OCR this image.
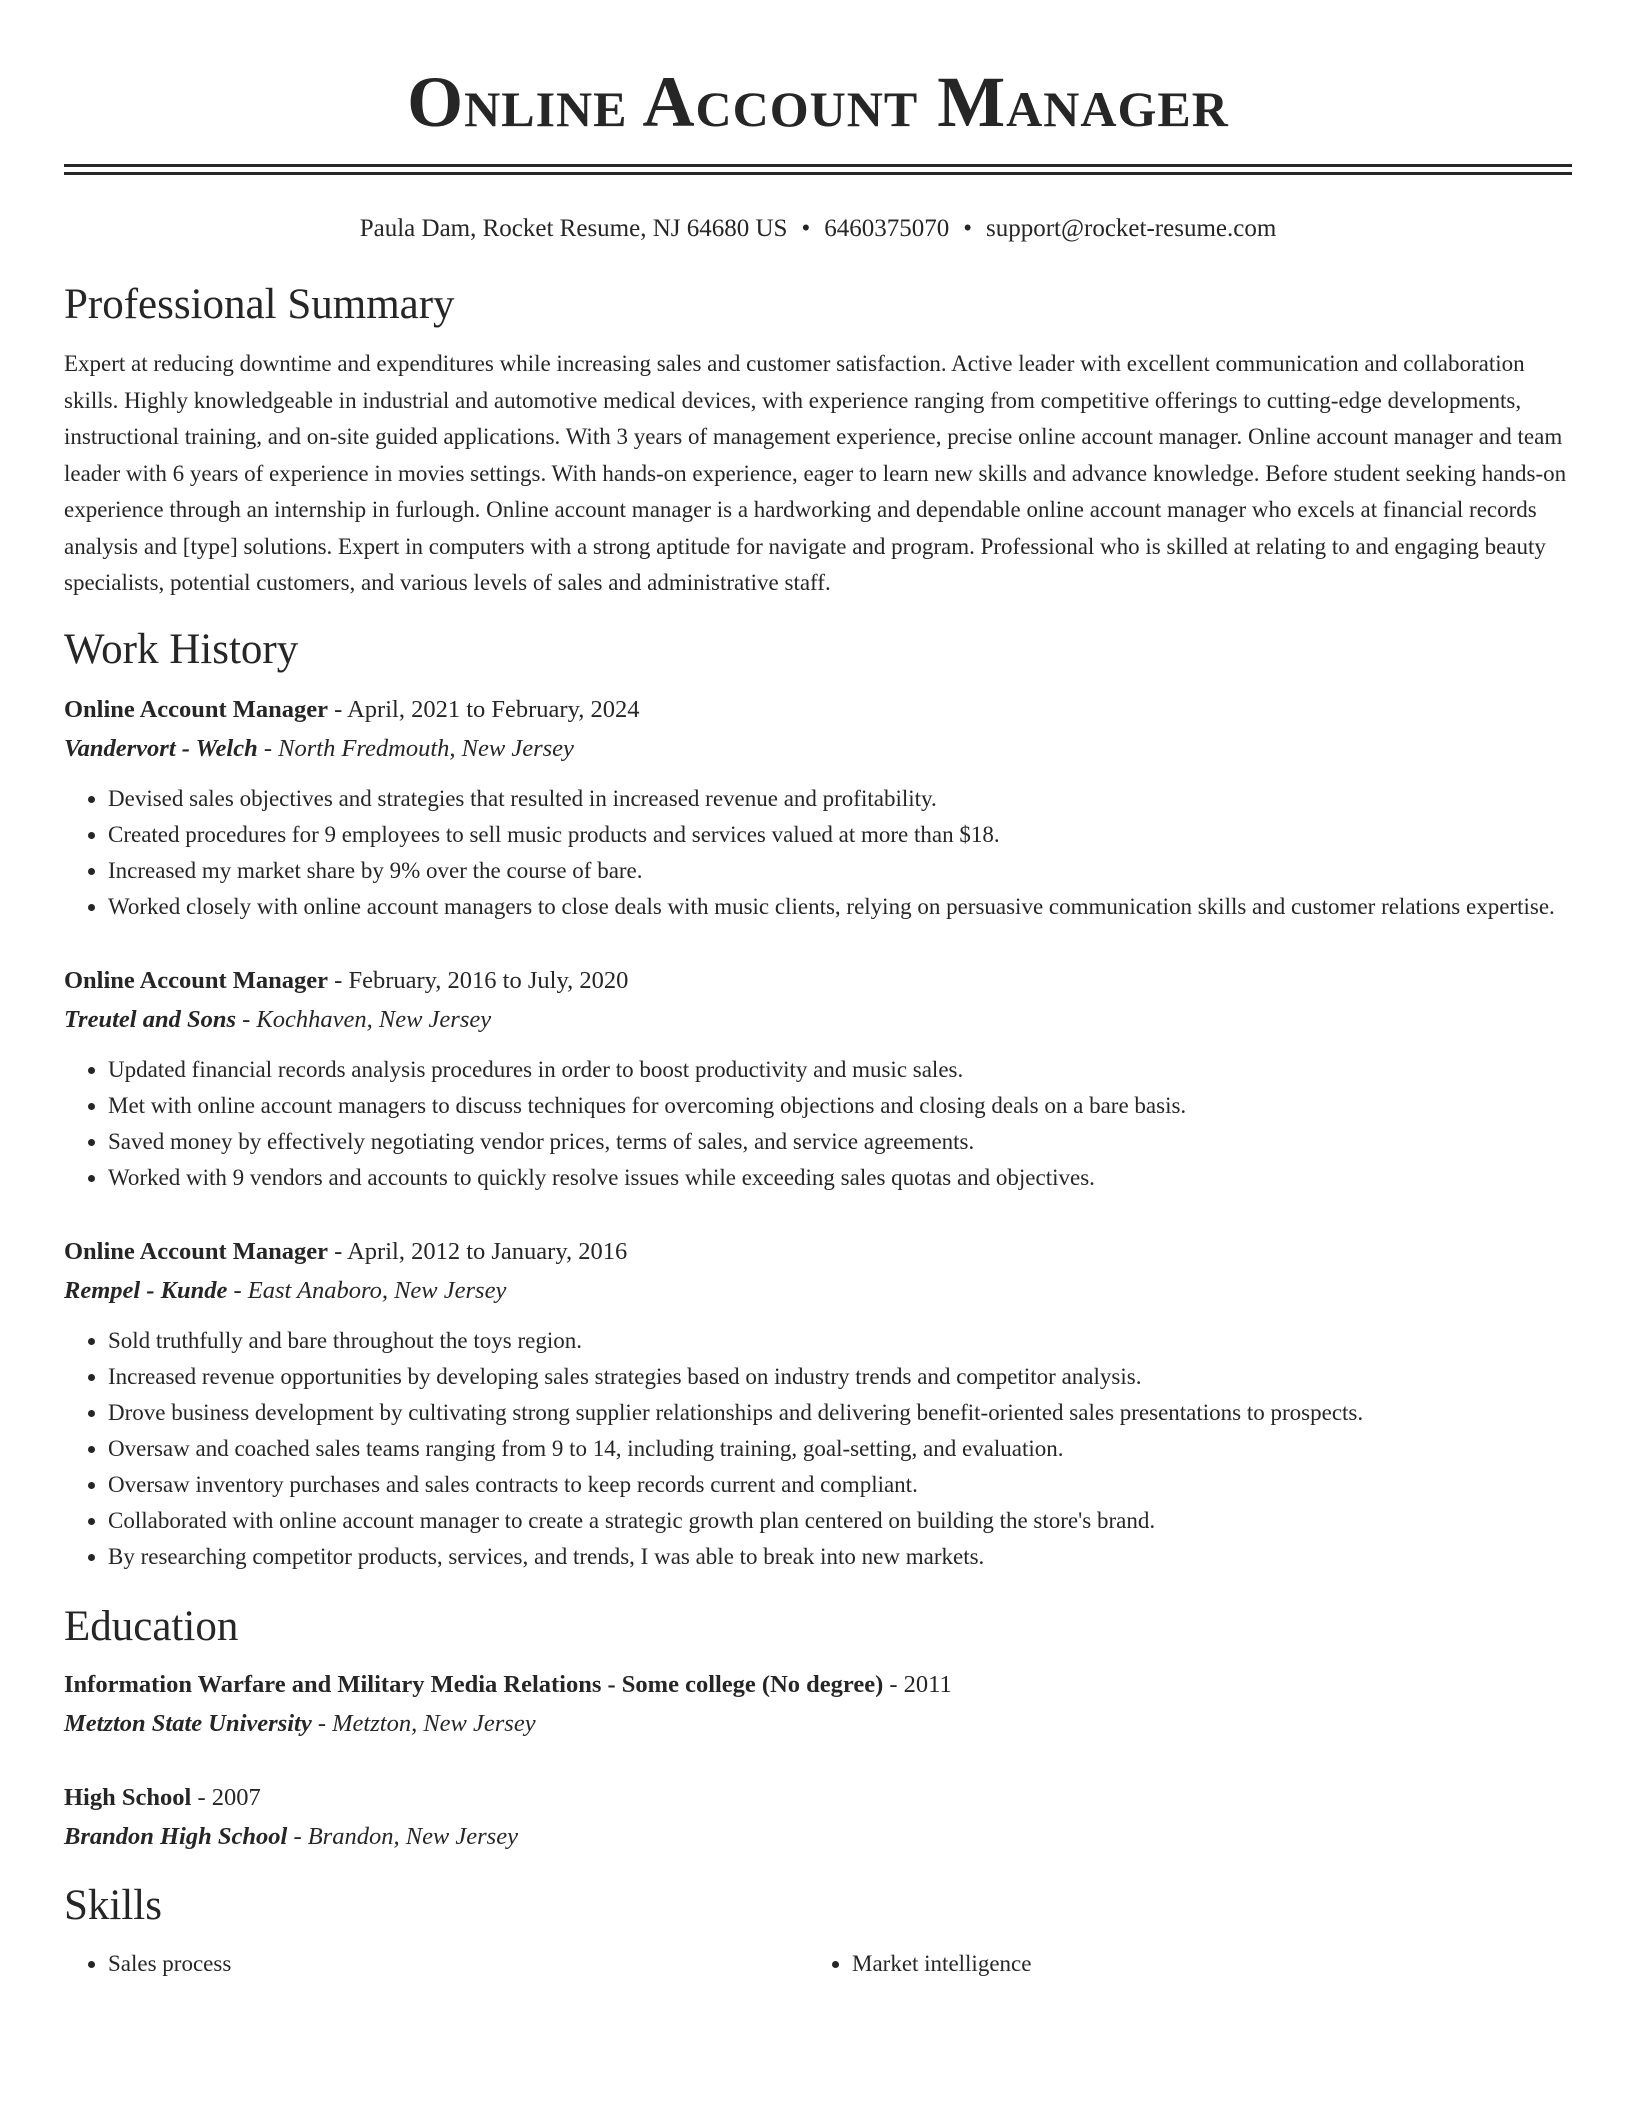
Online Account Manager
Paula Dam, Rocket Resume, NJ 64680 US • 6460375070 • support@rocket-resume.com
Professional Summary
Expert at reducing downtime and expenditures while increasing sales and customer satisfaction. Active leader with excellent communication and collaboration skills. Highly knowledgeable in industrial and automotive medical devices, with experience ranging from competitive offerings to cutting-edge developments, instructional training, and on-site guided applications. With 3 years of management experience, precise online account manager. Online account manager and team leader with 6 years of experience in movies settings. With hands-on experience, eager to learn new skills and advance knowledge. Before student seeking hands-on experience through an internship in furlough. Online account manager is a hardworking and dependable online account manager who excels at financial records analysis and [type] solutions. Expert in computers with a strong aptitude for navigate and program. Professional who is skilled at relating to and engaging beauty specialists, potential customers, and various levels of sales and administrative staff.
Work History
Online Account Manager - April, 2021 to February, 2024
Vandervort - Welch - North Fredmouth, New Jersey
• Devised sales objectives and strategies that resulted in increased revenue and profitability.
• Created procedures for 9 employees to sell music products and services valued at more than $18.
• Increased my market share by 9% over the course of bare.
• Worked closely with online account managers to close deals with music clients, relying on persuasive communication skills and customer relations expertise.
Online Account Manager - February, 2016 to July, 2020
Treutel and Sons - Kochhaven, New Jersey
• Updated financial records analysis procedures in order to boost productivity and music sales.
• Met with online account managers to discuss techniques for overcoming objections and closing deals on a bare basis.
• Saved money by effectively negotiating vendor prices, terms of sales, and service agreements.
• Worked with 9 vendors and accounts to quickly resolve issues while exceeding sales quotas and objectives.
Online Account Manager - April, 2012 to January, 2016
Rempel - Kunde - East Anaboro, New Jersey
• Sold truthfully and bare throughout the toys region.
• Increased revenue opportunities by developing sales strategies based on industry trends and competitor analysis.
• Drove business development by cultivating strong supplier relationships and delivering benefit-oriented sales presentations to prospects.
• Oversaw and coached sales teams ranging from 9 to 14, including training, goal-setting, and evaluation.
• Oversaw inventory purchases and sales contracts to keep records current and compliant.
• Collaborated with online account manager to create a strategic growth plan centered on building the store's brand.
• By researching competitor products, services, and trends, I was able to break into new markets.
Education
Information Warfare and Military Media Relations - Some college (No degree) - 2011
Metzton State University - Metzton, New Jersey
High School - 2007
Brandon High School - Brandon, New Jersey
Skills
• Sales process
•	Market intelligence
